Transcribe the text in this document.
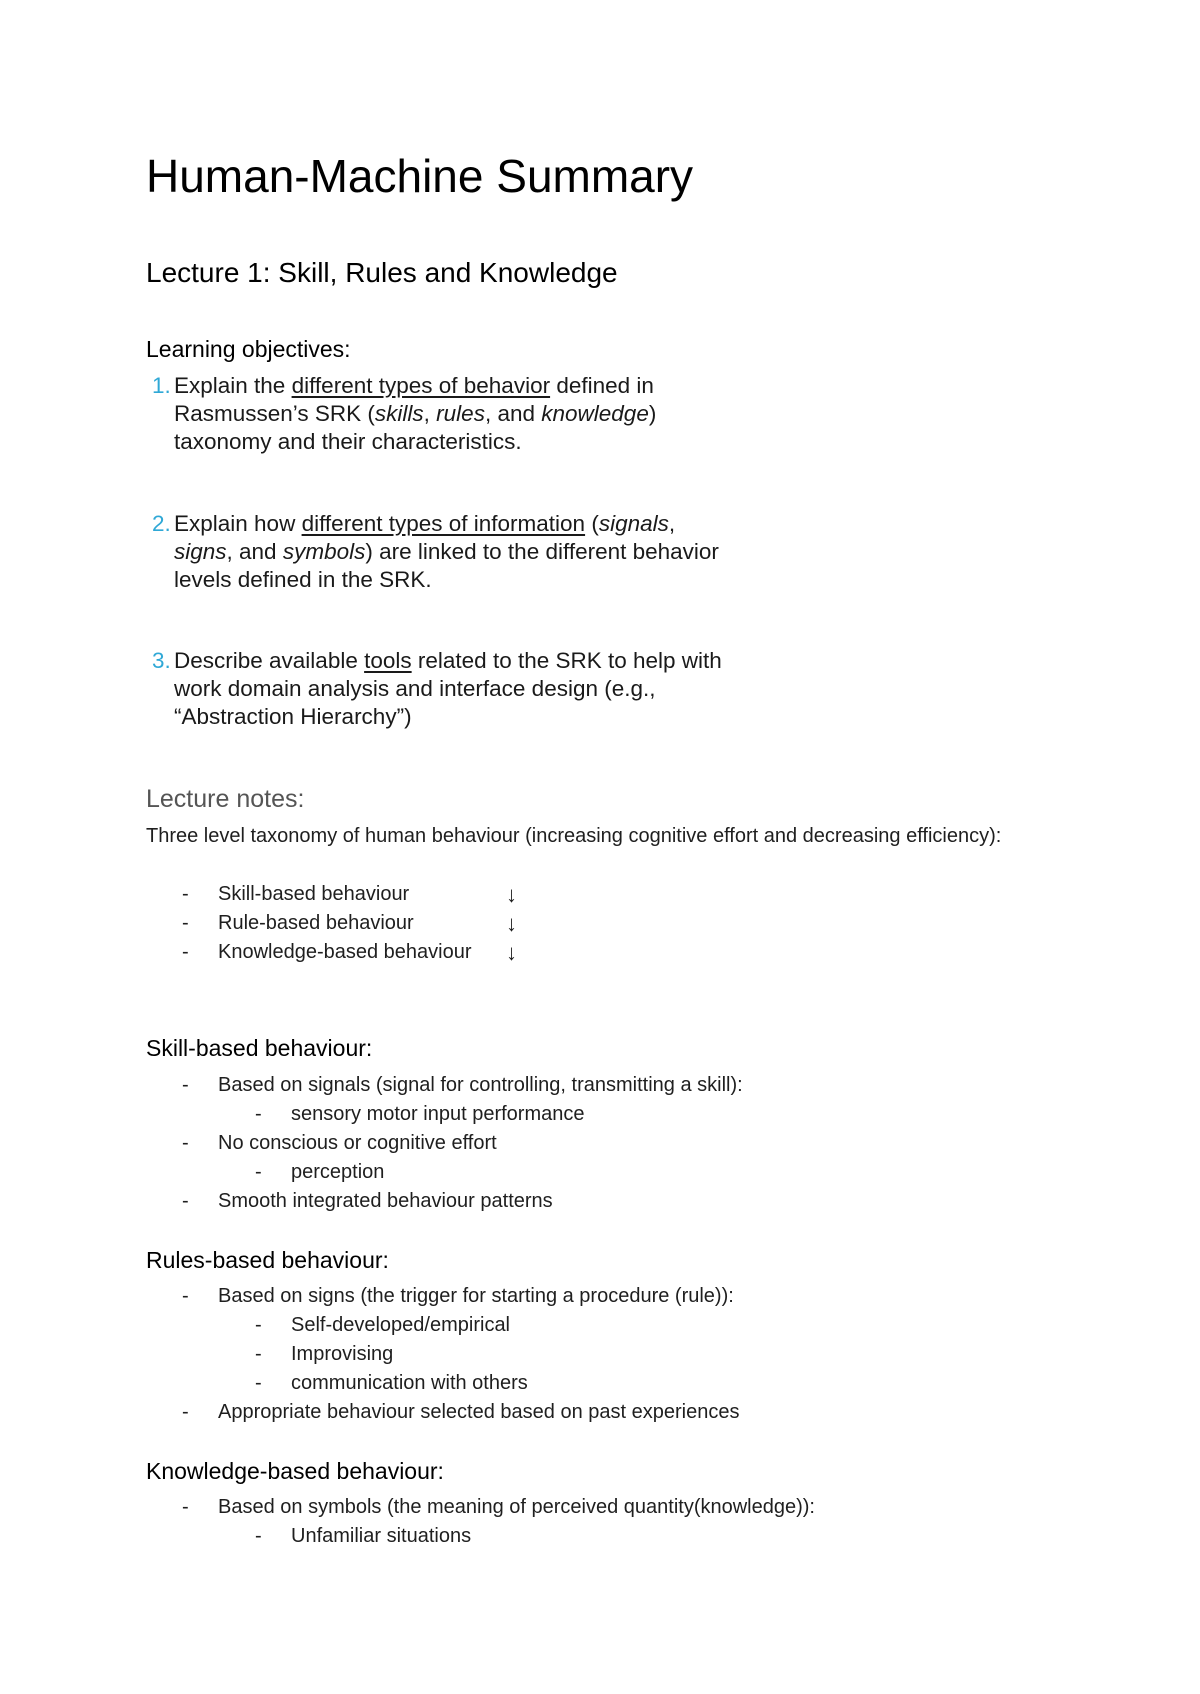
Human-Machine Summary
Lecture 1: Skill, Rules and Knowledge
Learning objectives:
1. Explain the different types of behavior defined in
Rasmussen’s SRK (skills, rules, and knowledge)
taxonomy and their characteristics.
2. Explain how different types of information (signals,
signs, and symbols) are linked to the different behavior
levels defined in the SRK.
3. Describe available tools related to the SRK to help with
work domain analysis and interface design (e.g.,
“Abstraction Hierarchy”)
Lecture notes:
Three level taxonomy of human behaviour (increasing cognitive effort and decreasing efficiency):
- Skill-based behaviour	↓
- Rule-based behaviour	↓
- Knowledge-based behaviour ↓
Skill-based behaviour:
- Based on signals (signal for controlling, transmitting a skill):
- sensory motor input performance
- No conscious or cognitive effort
- perception
- Smooth integrated behaviour patterns
Rules-based behaviour:
- Based on signs (the trigger for starting a procedure (rule)):
- Self-developed/empirical
- Improvising
- communication with others
- Appropriate behaviour selected based on past experiences
Knowledge-based behaviour:
- Based on symbols (the meaning of perceived quantity(knowledge)):
- Unfamiliar situations
